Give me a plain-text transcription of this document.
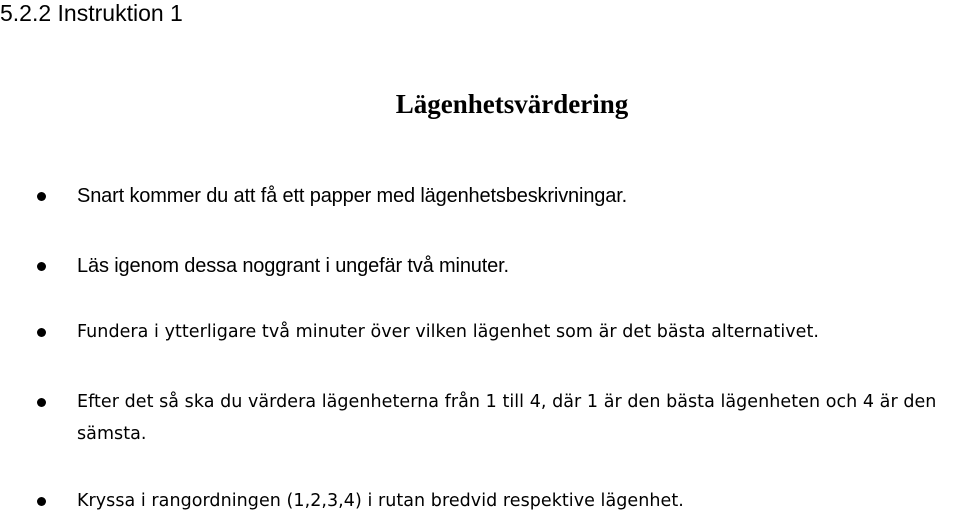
5.2.2 Instruktion 1
Lägenhetsvärdering
Snart kommer du att få ett papper med lägenhetsbeskrivningar.
Läs igenom dessa noggrant i ungefär två minuter.
Fundera i ytterligare två minuter över vilken lägenhet som är det bästa alternativet.
Efter det så ska du värdera lägenheterna från 1 till 4, där 1 är den bästa lägenheten och 4 är den sämsta.
Kryssa i rangordningen (1,2,3,4) i rutan bredvid respektive lägenhet.
